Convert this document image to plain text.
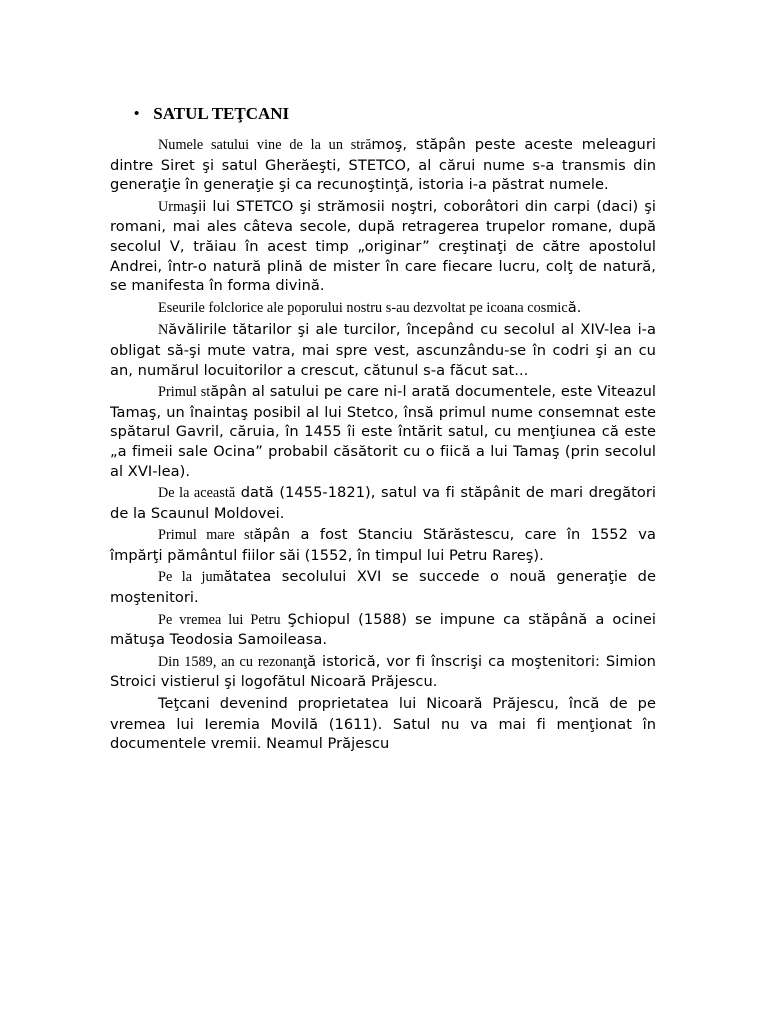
• SATUL TEŢCANI

Numele satului vine de la un strămoş, stăpân peste aceste meleaguri dintre Siret şi satul Gherăeşti, STETCO, al cărui nume s-a transmis din generaţie în generaţie şi ca recunoştinţă, istoria i-a păstrat numele.

Urmaşii lui STETCO şi strămosii noştri, coborâtori din carpi (daci) şi romani, mai ales câteva secole, după retragerea trupelor romane, după secolul V, trăiau în acest timp „originar” creştinaţi de către apostolul Andrei, într-o natură plină de mister în care fiecare lucru, colţ de natură, se manifesta în forma divină.

Eseurile folclorice ale poporului nostru s-au dezvoltat pe icoana cosmică.

Năvălirile tătarilor şi ale turcilor, începând cu secolul al XIV-lea i-a obligat să-şi mute vatra, mai spre vest, ascunzându-se în codri şi an cu an, numărul locuitorilor a crescut, cătunul s-a făcut sat...

Primul stăpân al satului pe care ni-l arată documentele, este Viteazul Tamaş, un înaintaş posibil al lui Stetco, însă primul nume consemnat este spătarul Gavril, căruia, în 1455 îi este întărit satul, cu menţiunea că este „a fimeii sale Ocina” probabil căsătorit cu o fiică a lui Tamaş (prin secolul al XVI-lea).

De la această dată (1455-1821), satul va fi stăpânit de mari dregători de la Scaunul Moldovei.

Primul mare stăpân a fost Stanciu Stărăstescu, care în 1552 va împărţi pământul fiilor săi (1552, în timpul lui Petru Rareş).

Pe la jumătatea secolului XVI se succede o nouă generaţie de moştenitori.

Pe vremea lui Petru Şchiopul (1588) se impune ca stăpână a ocinei mătuşa Teodosia Samoileasa.

Din 1589, an cu rezonanţă istorică, vor fi înscrişi ca moştenitori: Simion Stroici vistierul şi logofătul Nicoară Prăjescu.

Teţcani devenind proprietatea lui Nicoară Prăjescu, încă de pe vremea lui Ieremia Movilă (1611). Satul nu va mai fi menţionat în documentele vremii. Neamul Prăjescu
